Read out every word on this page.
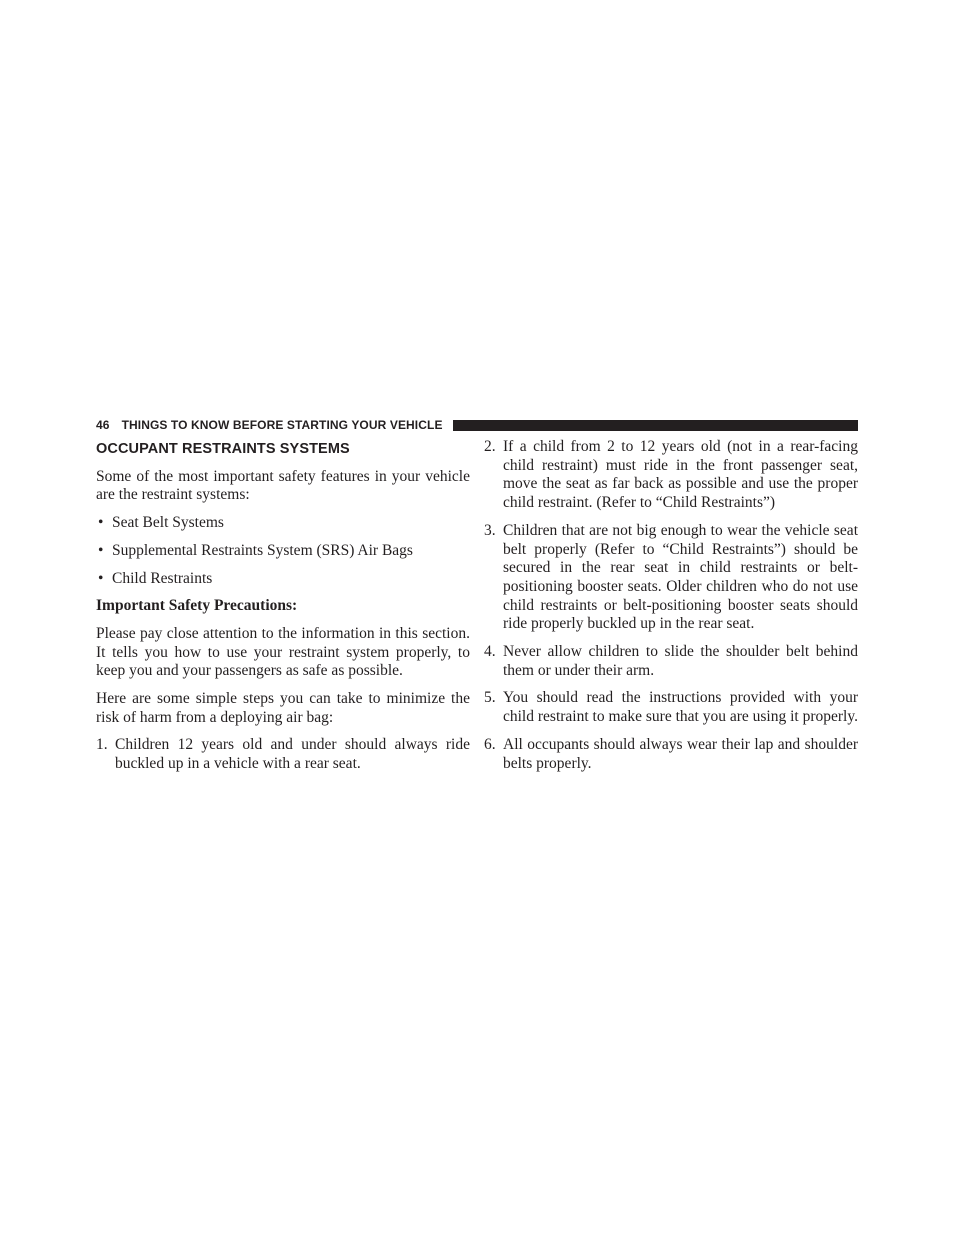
46 THINGS TO KNOW BEFORE STARTING YOUR VEHICLE
OCCUPANT RESTRAINTS SYSTEMS

Some of the most important safety features in your vehicle are the restraint systems:

• Seat Belt Systems
• Supplemental Restraints System (SRS) Air Bags
• Child Restraints

Important Safety Precautions:

Please pay close attention to the information in this section. It tells you how to use your restraint system properly, to keep you and your passengers as safe as possible.

Here are some simple steps you can take to minimize the risk of harm from a deploying air bag:

1. Children 12 years old and under should always ride buckled up in a vehicle with a rear seat.
2. If a child from 2 to 12 years old (not in a rear-facing child restraint) must ride in the front passenger seat, move the seat as far back as possible and use the proper child restraint. (Refer to “Child Restraints”)
3. Children that are not big enough to wear the vehicle seat belt properly (Refer to “Child Restraints”) should be secured in the rear seat in child restraints or belt-positioning booster seats. Older children who do not use child restraints or belt-positioning booster seats should ride properly buckled up in the rear seat.
4. Never allow children to slide the shoulder belt behind them or under their arm.
5. You should read the instructions provided with your child restraint to make sure that you are using it properly.
6. All occupants should always wear their lap and shoulder belts properly.
